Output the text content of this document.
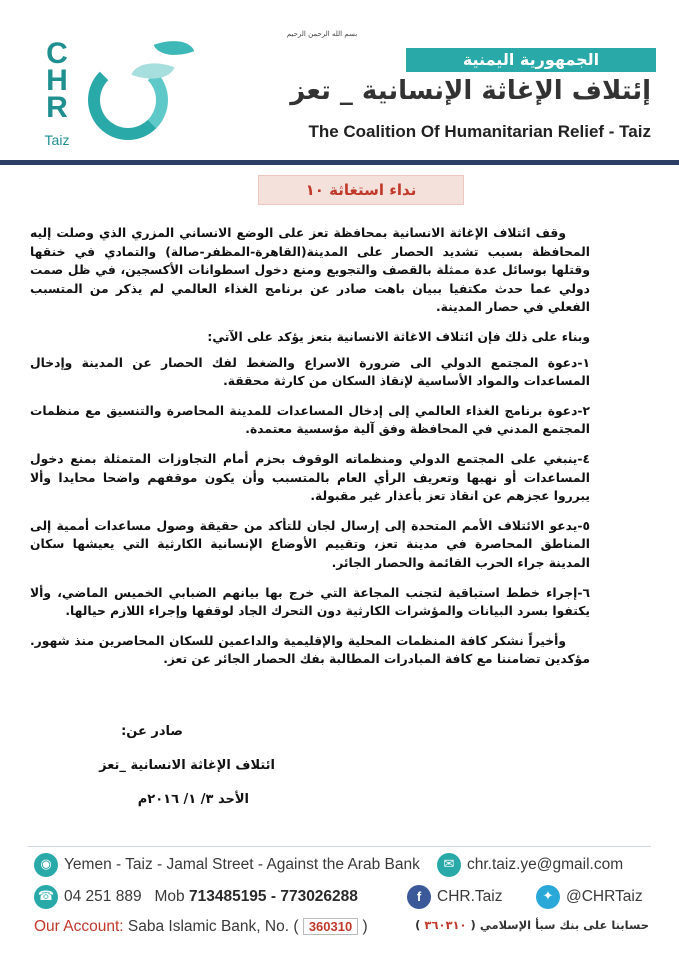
C
H
R
Taiz
بسم الله الرحمن الرحيم
الجمهورية اليمنية
إئتلاف الإغاثة الإنسانية _ تعز
The Coalition Of Humanitarian Relief - Taiz
نداء استغاثة ١٠

وقف ائتلاف الإغاثة الانسانية بمحافظة تعز على الوضع الانساني المزري الذي وصلت إليه المحافظة بسبب تشديد الحصار على المدينة(القاهرة-المظفر-صالة) والتمادي في خنقها وقتلها بوسائل عدة ممثلة بالقصف والتجويع ومنع دخول اسطوانات الأكسجين، في ظل صمت دولي عما حدث مكتفيا ببيان باهت صادر عن برنامج الغذاء العالمي لم يذكر من المتسبب الفعلي في حصار المدينة.

وبناء على ذلك فإن ائتلاف الاغاثة الانسانية بتعز يؤكد على الآتي:

١-دعوة المجتمع الدولي الى ضرورة الاسراع والضغط لفك الحصار عن المدينة وإدخال المساعدات والمواد الأساسية لإنقاذ السكان من كارثة محققة.

٢-دعوة برنامج الغذاء العالمي إلى إدخال المساعدات للمدينة المحاصرة والتنسيق مع منظمات المجتمع المدني في المحافظة وفق آلية مؤسسية معتمدة.

٤-ينبغي على المجتمع الدولي ومنظماته الوقوف بحزم أمام التجاوزات المتمثلة بمنع دخول المساعدات أو نهبها وتعريف الرأي العام بالمتسبب وأن يكون موقفهم واضحا محايدا وألا يبرروا عجزهم عن انقاذ تعز بأعذار غير مقبولة.

٥-يدعو الائتلاف الأمم المتحدة إلى إرسال لجان للتأكد من حقيقة وصول مساعدات أممية إلى المناطق المحاصرة في مدينة تعز، وتقييم الأوضاع الإنسانية الكارثية التي يعيشها سكان المدينة جراء الحرب القائمة والحصار الجائر.

٦-إجراء خطط استباقية لتجنب المجاعة التي خرج بها بيانهم الضبابي الخميس الماضي، وألا يكتفوا بسرد البيانات والمؤشرات الكارثية دون التحرك الجاد لوقفها وإجراء اللازم حيالها.

وأخيراً نشكر كافة المنظمات المحلية والإقليمية والداعمين للسكان المحاصرين منذ شهور. مؤكدين تضامننا مع كافة المبادرات المطالبة بفك الحصار الجائر عن تعز.

صادر عن:
ائتلاف الإغاثة الانسانية _تعز
الأحد ٣/ ١/ ٢٠١٦م
◉ Yemen - Taiz - Jamal Street - Against the Arab Bank	✉ chr.taiz.ye@gmail.com
☎ 04 251 889 Mob 713485195 - 773026288	f	CHR.Taiz	✦ @CHRTaiz
Our Account: Saba Islamic Bank, No. ( 360310 )	حسابنا على بنك سبأ الإسلامي ( ٣٦٠٣١٠ )
